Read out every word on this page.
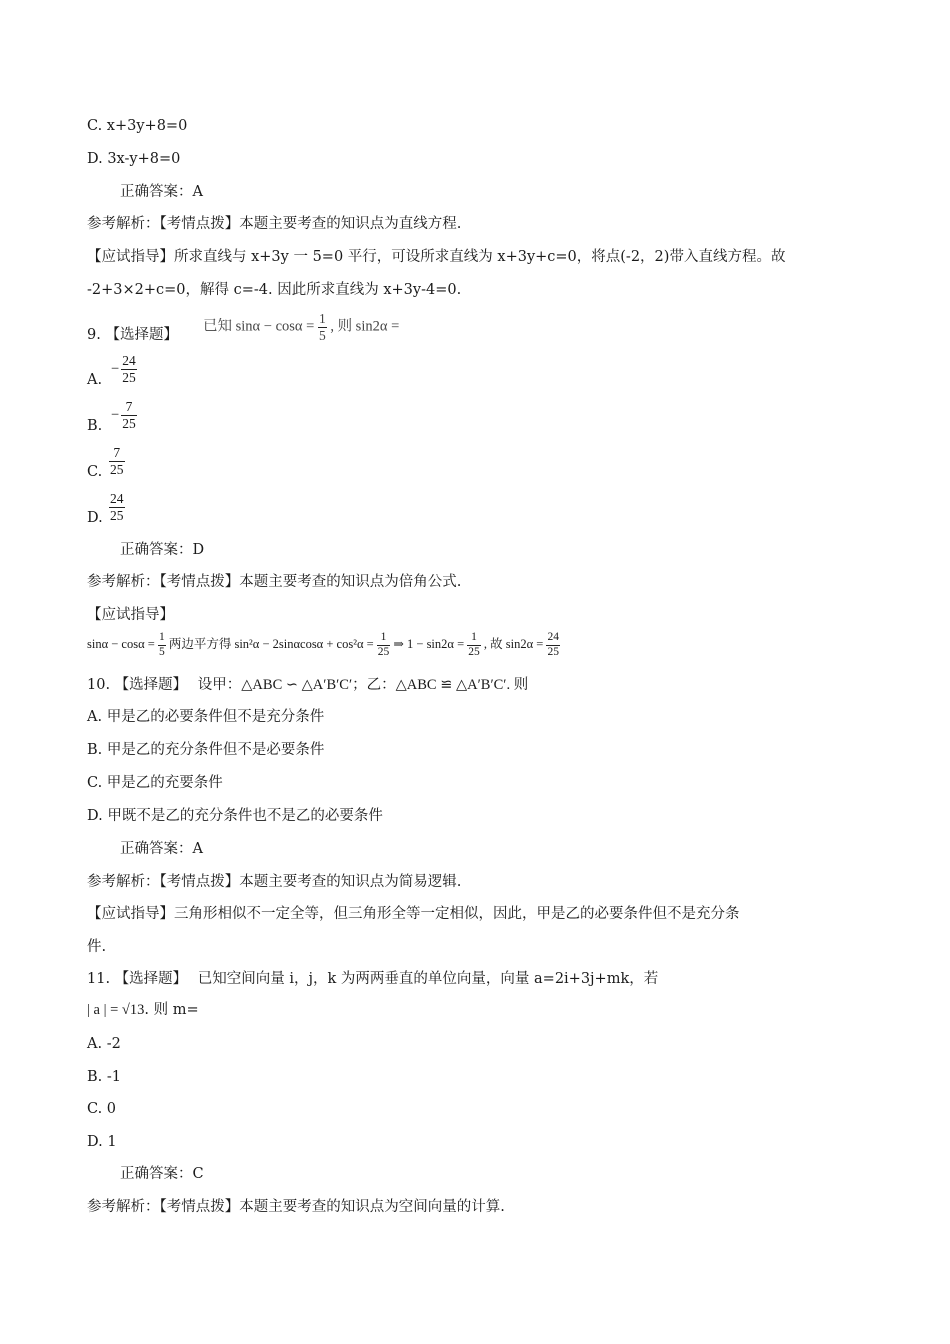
C. x+3y+8=0
D. 3x-y+8=0
正确答案：A
参考解析：【考情点拨】本题主要考查的知识点为直线方程.
【应试指导】所求直线与 x+3y 一 5=0 平行，可设所求直线为 x+3y+c=0，将点(-2，2)带入直线方程。故
-2+3×2+c=0，解得 c=-4. 因此所求直线为 x+3y-4=0.
9. 【选择题】
已知 $\sin\alpha - \cos\alpha = \frac{1}{5}$ , 则 sin2α =
A.
− $\frac{24}{25}$
B.
− $\frac{7}{25}$
C. $\frac{7}{25}$
D. $\frac{24}{25}$
正确答案：D
参考解析：【考情点拨】本题主要考查的知识点为倍角公式.
【应试指导】
$\sin\alpha - \cos\alpha = \frac{1}{5}$ 两边平方得 $\sin^2\alpha - 2\sin\alpha\cos\alpha + \cos^2\alpha = \frac{1}{25}$ ⇒ $1 - \sin 2\alpha = \frac{1}{25}$ , 故 $\sin 2\alpha = \frac{24}{25}$
10. 【选择题】 设甲：△ABC ∽ △A′B′C′；乙：△ABC ≌ △A′B′C′. 则
A. 甲是乙的必要条件但不是充分条件
B. 甲是乙的充分条件但不是必要条件
C. 甲是乙的充要条件
D. 甲既不是乙的充分条件也不是乙的必要条件
正确答案：A
参考解析：【考情点拨】本题主要考查的知识点为简易逻辑.
【应试指导】三角形相似不一定全等，但三角形全等一定相似，因此，甲是乙的必要条件但不是充分条
件.
11. 【选择题】 已知空间向量 i，j，k 为两两垂直的单位向量，向量 a=2i+3j+mk，若
| a | = √13. 则 m=
A. -2
B. -1
C. 0
D. 1
正确答案：C
参考解析：【考情点拨】本题主要考查的知识点为空间向量的计算.
